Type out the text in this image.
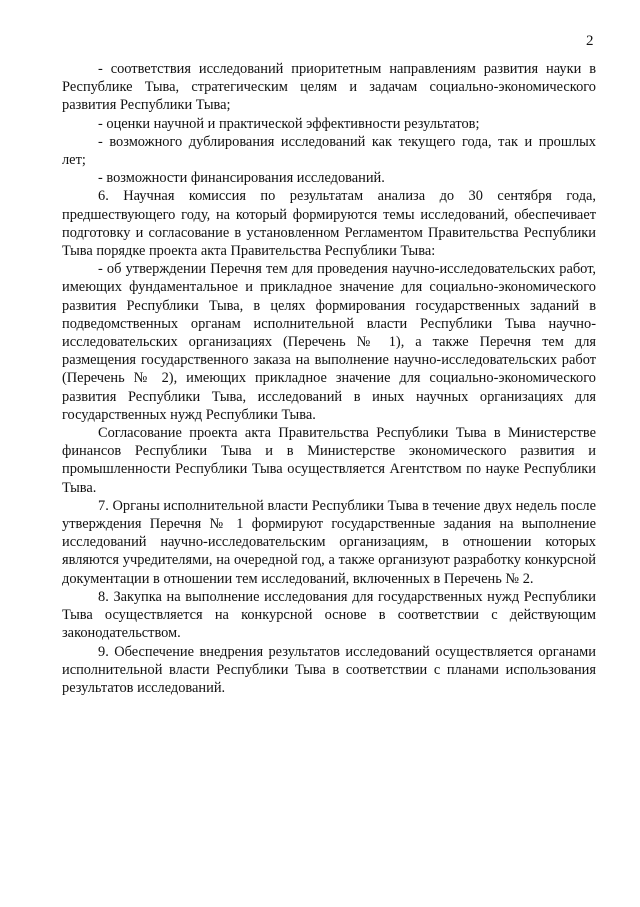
2

- соответствия исследований приоритетным направлениям развития науки в Республике Тыва, стратегическим целям и задачам социально-экономического развития Республики Тыва;

- оценки научной и практической эффективности результатов;

- возможного дублирования исследований как текущего года, так и прошлых лет;

- возможности финансирования исследований.

6. Научная комиссия по результатам анализа до 30 сентября года, предшествующего году, на который формируются темы исследований, обеспечивает подготовку и согласование в установленном Регламентом Правительства Республики Тыва порядке проекта акта Правительства Республики Тыва:

- об утверждении Перечня тем для проведения научно-исследовательских работ, имеющих фундаментальное и прикладное значение для социально-экономического развития Республики Тыва, в целях формирования государственных заданий в подведомственных органам исполнительной власти Республики Тыва научно-исследовательских организациях (Перечень № 1), а также Перечня тем для размещения государственного заказа на выполнение научно-исследовательских работ (Перечень № 2), имеющих прикладное значение для социально-экономического развития Республики Тыва, исследований в иных научных организациях для государственных нужд Республики Тыва.

Согласование проекта акта Правительства Республики Тыва в Министерстве финансов Республики Тыва и в Министерстве экономического развития и промышленности Республики Тыва осуществляется Агентством по науке Республики Тыва.

7. Органы исполнительной власти Республики Тыва в течение двух недель после утверждения Перечня № 1 формируют государственные задания на выполнение исследований научно-исследовательским организациям, в отношении которых являются учредителями, на очередной год, а также организуют разработку конкурсной документации в отношении тем исследований, включенных в Перечень № 2.

8. Закупка на выполнение исследования для государственных нужд Республики Тыва осуществляется на конкурсной основе в соответствии с действующим законодательством.

9. Обеспечение внедрения результатов исследований осуществляется органами исполнительной власти Республики Тыва в соответствии с планами использования результатов исследований.
